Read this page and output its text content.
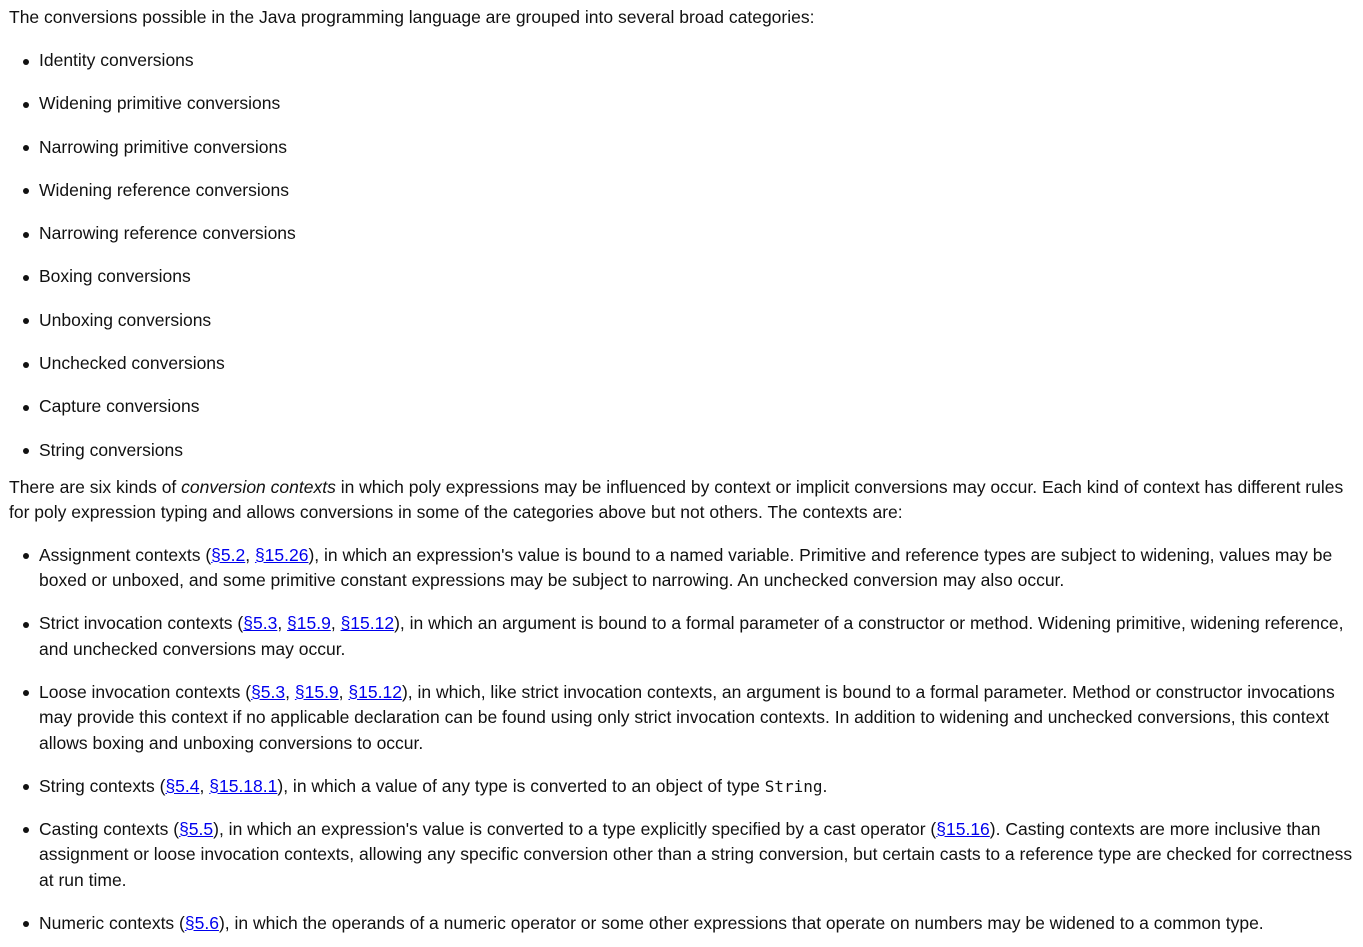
The conversions possible in the Java programming language are grouped into several broad categories:

Identity conversions
Widening primitive conversions
Narrowing primitive conversions
Widening reference conversions
Narrowing reference conversions
Boxing conversions
Unboxing conversions
Unchecked conversions
Capture conversions
String conversions

There are six kinds of conversion contexts in which poly expressions may be influenced by context or implicit conversions may occur. Each kind of context has different rules for poly expression typing and allows conversions in some of the categories above but not others. The contexts are:

Assignment contexts (§5.2, §15.26), in which an expression's value is bound to a named variable. Primitive and reference types are subject to widening, values may be boxed or unboxed, and some primitive constant expressions may be subject to narrowing. An unchecked conversion may also occur.
Strict invocation contexts (§5.3, §15.9, §15.12), in which an argument is bound to a formal parameter of a constructor or method. Widening primitive, widening reference, and unchecked conversions may occur.
Loose invocation contexts (§5.3, §15.9, §15.12), in which, like strict invocation contexts, an argument is bound to a formal parameter. Method or constructor invocations may provide this context if no applicable declaration can be found using only strict invocation contexts. In addition to widening and unchecked conversions, this context allows boxing and unboxing conversions to occur.
String contexts (§5.4, §15.18.1), in which a value of any type is converted to an object of type String.
Casting contexts (§5.5), in which an expression's value is converted to a type explicitly specified by a cast operator (§15.16). Casting contexts are more inclusive than assignment or loose invocation contexts, allowing any specific conversion other than a string conversion, but certain casts to a reference type are checked for correctness at run time.
Numeric contexts (§5.6), in which the operands of a numeric operator or some other expressions that operate on numbers may be widened to a common type.
